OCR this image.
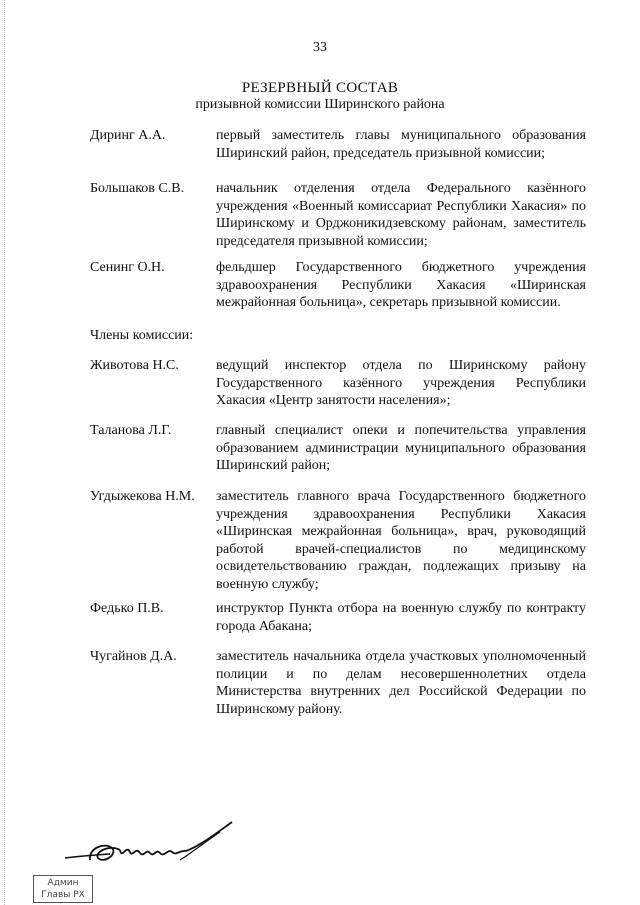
33
РЕЗЕРВНЫЙ СОСТАВ
призывной комиссии Ширинского района
Диринг А.А.	первый заместитель главы муниципального образования Ширинский район, председатель призывной комиссии;
Большаков С.В. начальник отделения отдела Федерального казённого учреждения «Военный комиссариат Республики Хакасия» по Ширинскому и Орджоникидзевскому районам, заместитель председателя призывной комиссии;
Сенинг О.Н.	фельдшер Государственного бюджетного учреждения здравоохранения Республики Хакасия «Ширинская межрайонная больница», секретарь призывной комиссии.
Члены комиссии:
Животова Н.С.	ведущий инспектор отдела по Ширинскому району Государственного казённого учреждения Республики Хакасия «Центр занятости населения»;
Таланова Л.Г.	главный специалист опеки и попечительства управления образованием администрации муниципального образования Ширинский район;
Угдыжекова Н.М. заместитель главного врача Государственного бюджетного учреждения здравоохранения Республики Хакасия «Ширинская межрайонная больница», врач, руководящий работой врачей-специалистов по медицинскому освидетельствованию граждан, подлежащих призыву на военную службу;
Федько П.В.	инструктор Пункта отбора на военную службу по контракту города Абакана;
Чугайнов Д.А.	заместитель начальника отдела участковых уполномоченный полиции и по делам несовершеннолетних отдела Министерства внутренних дел Российской Федерации по Ширинскому району.
Админ
Главы РХ
